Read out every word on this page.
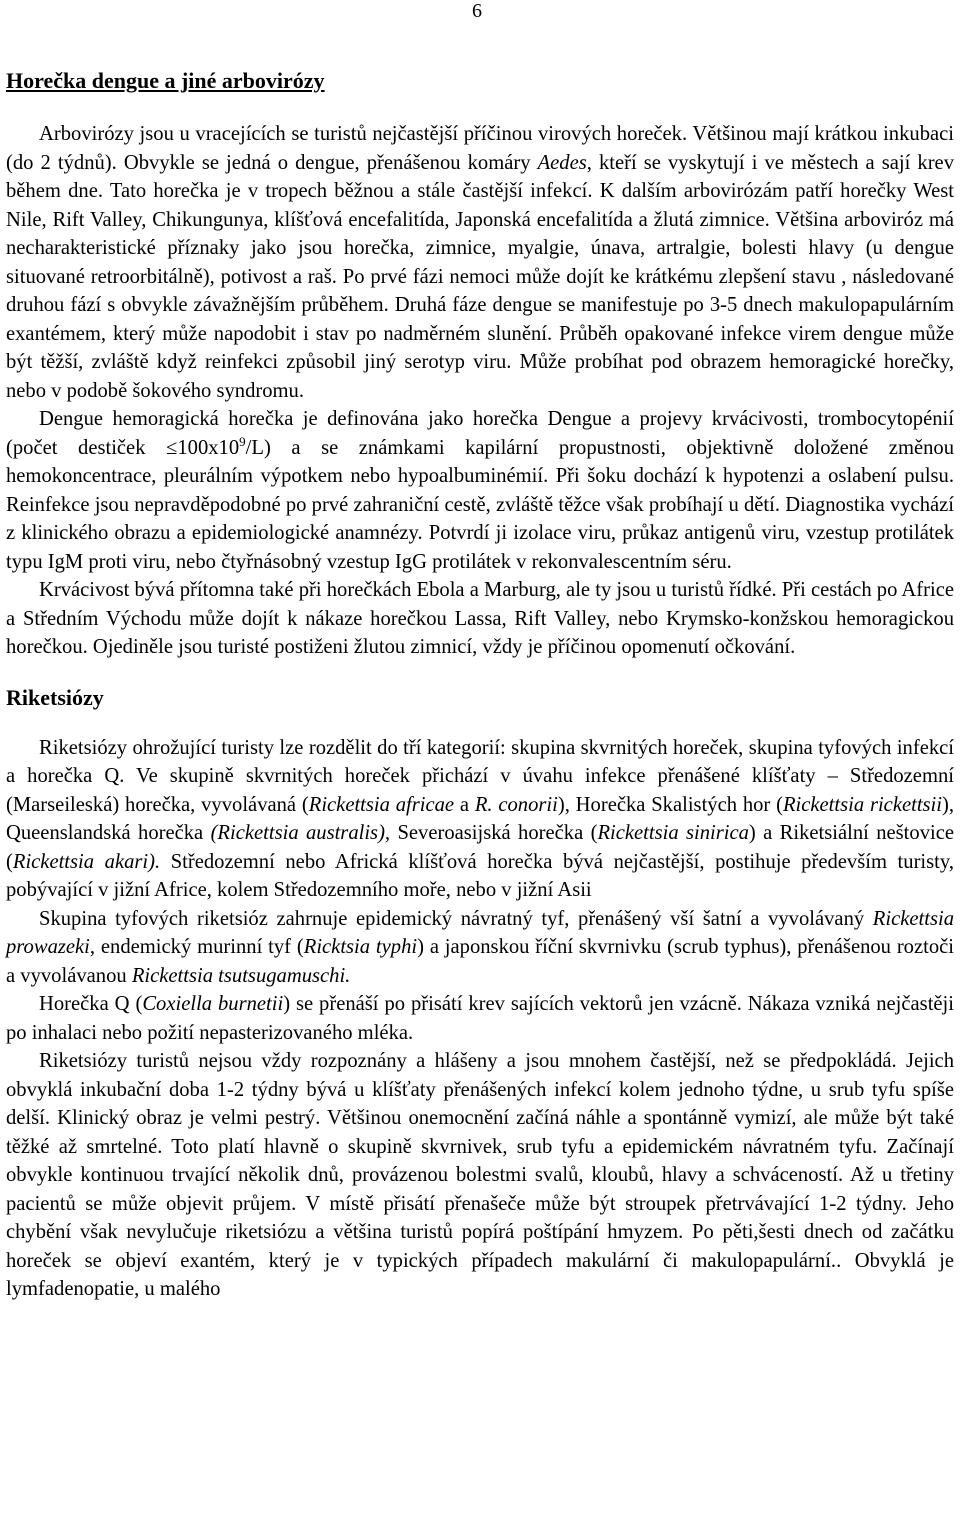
6
Horečka dengue a jiné arbovirózy

Arbovirózy jsou u vracejících se turistů nejčastější příčinou virových horeček. Většinou mají krátkou inkubaci (do 2 týdnů). Obvykle se jedná o dengue, přenášenou komáry Aedes, kteří se vyskytují i ve městech a sají krev během dne. Tato horečka je v tropech běžnou a stále častější infekcí. K dalším arbovirózám patří horečky West Nile, Rift Valley, Chikungunya, klíšťová encefalitída, Japonská encefalitída a žlutá zimnice. Většina arboviróz má necharakteristické příznaky jako jsou horečka, zimnice, myalgie, únava, artralgie, bolesti hlavy (u dengue situované retroorbitálně), potivost a raš. Po prvé fázi nemoci může dojít ke krátkému zlepšení stavu , následované druhou fází s obvykle závažnějším průběhem. Druhá fáze dengue se manifestuje po 3-5 dnech makulopapulárním exantémem, který může napodobit i stav po nadměrném slunění. Průběh opakované infekce virem dengue může být těžší, zvláště když reinfekci způsobil jiný serotyp viru. Může probíhat pod obrazem hemoragické horečky, nebo v podobě šokového syndromu.

Dengue hemoragická horečka je definována jako horečka Dengue a projevy krvácivosti, trombocytopénií (počet destiček $\le 100x10^9/L$) a se známkami kapilární propustnosti, objektivně doložené změnou hemokoncentrace, pleurálním výpotkem nebo hypoalbuminémií. Při šoku dochází k hypotenzi a oslabení pulsu. Reinfekce jsou nepravděpodobné po prvé zahraniční cestě, zvláště těžce však probíhají u dětí. Diagnostika vychází z klinického obrazu a epidemiologické anamnézy. Potvrdí ji izolace viru, průkaz antigenů viru, vzestup protilátek typu IgM proti viru, nebo čtyřnásobný vzestup IgG protilátek v rekonvalescentním séru.

Krvácivost bývá přítomna také při horečkách Ebola a Marburg, ale ty jsou u turistů řídké. Při cestách po Africe a Středním Východu může dojít k nákaze horečkou Lassa, Rift Valley, nebo Krymsko-konžskou hemoragickou horečkou. Ojediněle jsou turisté postiženi žlutou zimnicí, vždy je příčinou opomenutí očkování.

Riketsiózy

Riketsiózy ohrožující turisty lze rozdělit do tří kategorií: skupina skvrnitých horeček, skupina tyfových infekcí a horečka Q. Ve skupině skvrnitých horeček přichází v úvahu infekce přenášené klíšťaty – Středozemní (Marseileská) horečka, vyvolávaná (Rickettsia africae a R. conorii), Horečka Skalistých hor (Rickettsia rickettsii), Queenslandská horečka (Rickettsia australis), Severoasijská horečka (Rickettsia sinirica) a Riketsiální neštovice (Rickettsia akari). Středozemní nebo Africká klíšťová horečka bývá nejčastější, postihuje především turisty, pobývající v jižní Africe, kolem Středozemního moře, nebo v jižní Asii

Skupina tyfových riketsióz zahrnuje epidemický návratný tyf, přenášený vší šatní a vyvolávaný Rickettsia prowazeki, endemický murinní tyf (Ricktsia typhi) a japonskou říční skvrnivku (scrub typhus), přenášenou roztoči a vyvolávanou Rickettsia tsutsugamuschi.

Horečka Q (Coxiella burnetii) se přenáší po přisátí krev sajících vektorů jen vzácně. Nákaza vzniká nejčastěji po inhalaci nebo požití nepasterizovaného mléka.

Riketsiózy turistů nejsou vždy rozpoznány a hlášeny a jsou mnohem častější, než se předpokládá. Jejich obvyklá inkubační doba 1-2 týdny bývá u klíšťaty přenášených infekcí kolem jednoho týdne, u srub tyfu spíše delší. Klinický obraz je velmi pestrý. Většinou onemocnění začíná náhle a spontánně vymizí, ale může být také těžké až smrtelné. Toto platí hlavně o skupině skvrnivek, srub tyfu a epidemickém návratném tyfu. Začínají obvykle kontinuou trvající několik dnů, provázenou bolestmi svalů, kloubů, hlavy a schváceností. Až u třetiny pacientů se může objevit průjem. V místě přisátí přenašeče může být stroupek přetrvávající 1-2 týdny. Jeho chybění však nevylučuje riketsiózu a většina turistů popírá poštípání hmyzem. Po pěti,šesti dnech od začátku horeček se objeví exantém, který je v typických případech makulární či makulopapulární.. Obvyklá je lymfadenopatie, u malého
